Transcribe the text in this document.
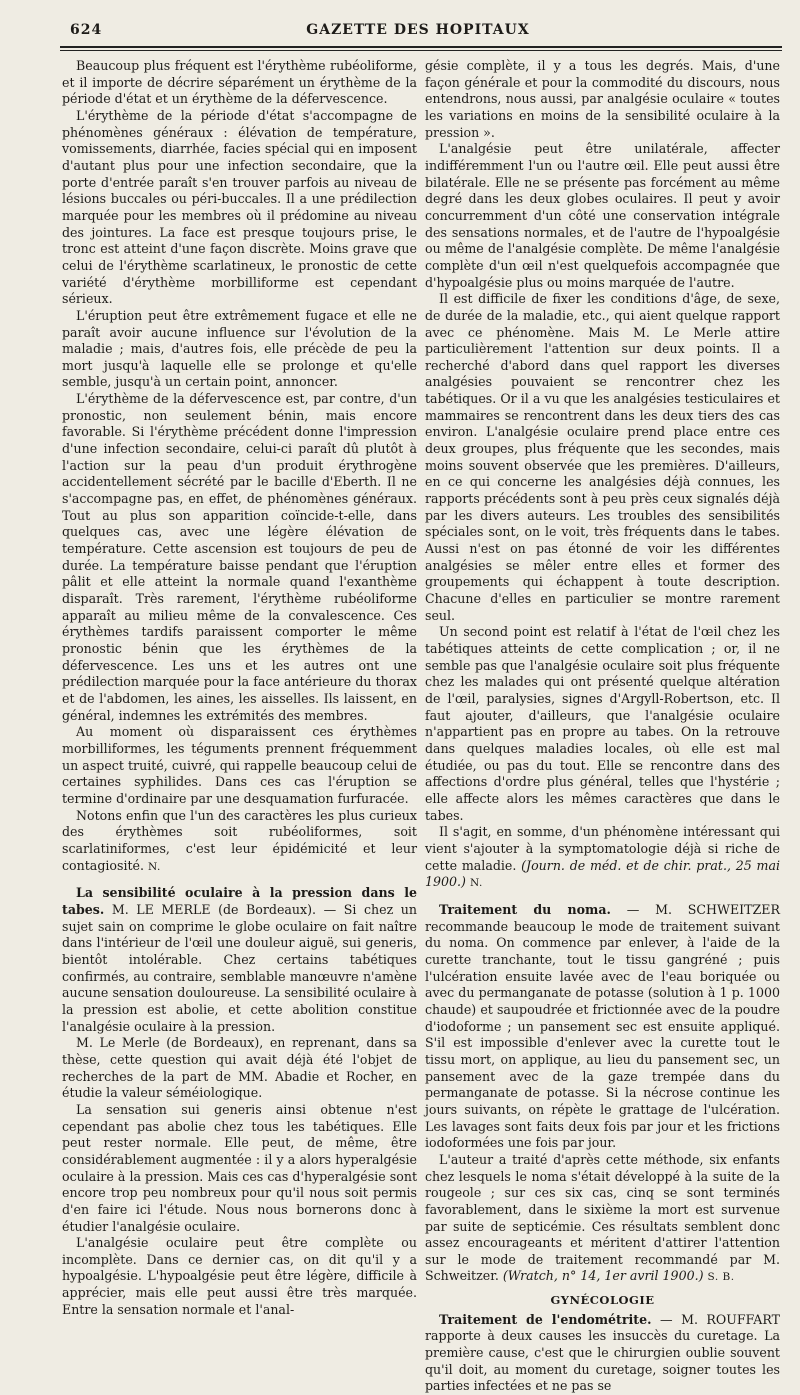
624	GAZETTE DES HOPITAUX

Beaucoup plus fréquent est l'érythème rubéoliforme, et il importe de décrire séparément un érythème de la période d'état et un érythème de la défervescence.

L'érythème de la période d'état s'accompagne de phénomènes généraux : élévation de température, vomissements, diarrhée, facies spécial qui en imposent d'autant plus pour une infection secondaire, que la porte d'entrée paraît s'en trouver parfois au niveau de lésions buccales ou péri-buccales. Il a une prédilection marquée pour les membres où il prédomine au niveau des jointures. La face est presque toujours prise, le tronc est atteint d'une façon discrète. Moins grave que celui de l'érythème scarlatineux, le pronostic de cette variété d'érythème morbilliforme est cependant sérieux.

L'éruption peut être extrêmement fugace et elle ne paraît avoir aucune influence sur l'évolution de la maladie ; mais, d'autres fois, elle précède de peu la mort jusqu'à laquelle elle se prolonge et qu'elle semble, jusqu'à un certain point, annoncer.

L'érythème de la défervescence est, par contre, d'un pronostic, non seulement bénin, mais encore favorable. Si l'érythème précédent donne l'impression d'une infection secondaire, celui-ci paraît dû plutôt à l'action sur la peau d'un produit érythrogène accidentellement sécrété par le bacille d'Eberth. Il ne s'accompagne pas, en effet, de phénomènes généraux. Tout au plus son apparition coïncide-t-elle, dans quelques cas, avec une légère élévation de température. Cette ascension est toujours de peu de durée. La température baisse pendant que l'éruption pâlit et elle atteint la normale quand l'exanthème disparaît. Très rarement, l'érythème rubéoliforme apparaît au milieu même de la convalescence. Ces érythèmes tardifs paraissent comporter le même pronostic bénin que les érythèmes de la défervescence. Les uns et les autres ont une prédilection marquée pour la face antérieure du thorax et de l'abdomen, les aines, les aisselles. Ils laissent, en général, indemnes les extrémités des membres.

Au moment où disparaissent ces érythèmes morbilliformes, les téguments prennent fréquemment un aspect truité, cuivré, qui rappelle beaucoup celui de certaines syphilides. Dans ces cas l'éruption se termine d'ordinaire par une desquamation furfuracée.

Notons enfin que l'un des caractères les plus curieux des érythèmes soit rubéoliformes, soit scarlatiniformes, c'est leur épidémicité et leur contagiosité. N.

La sensibilité oculaire à la pression dans le tabes. M. LE MERLE (de Bordeaux). — Si chez un sujet sain on comprime le globe oculaire on fait naître dans l'intérieur de l'œil une douleur aiguë, sui generis, bientôt intolérable. Chez certains tabétiques confirmés, au contraire, semblable manœuvre n'amène aucune sensation douloureuse. La sensibilité oculaire à la pression est abolie, et cette abolition constitue l'analgésie oculaire à la pression.

M. Le Merle (de Bordeaux), en reprenant, dans sa thèse, cette question qui avait déjà été l'objet de recherches de la part de MM. Abadie et Rocher, en étudie la valeur séméiologique.

La sensation sui generis ainsi obtenue n'est cependant pas abolie chez tous les tabétiques. Elle peut rester normale. Elle peut, de même, être considérablement augmentée : il y a alors hyperalgésie oculaire à la pression. Mais ces cas d'hyperalgésie sont encore trop peu nombreux pour qu'il nous soit permis d'en faire ici l'étude. Nous nous bornerons donc à étudier l'analgésie oculaire.

L'analgésie oculaire peut être complète ou incomplète. Dans ce dernier cas, on dit qu'il y a hypoalgésie. L'hypoalgésie peut être légère, difficile à apprécier, mais elle peut aussi être très marquée. Entre la sensation normale et l'anal-

gésie complète, il y a tous les degrés. Mais, d'une façon générale et pour la commodité du discours, nous entendrons, nous aussi, par analgésie oculaire « toutes les variations en moins de la sensibilité oculaire à la pression ».

L'analgésie peut être unilatérale, affecter indifféremment l'un ou l'autre œil. Elle peut aussi être bilatérale. Elle ne se présente pas forcément au même degré dans les deux globes oculaires. Il peut y avoir concurremment d'un côté une conservation intégrale des sensations normales, et de l'autre de l'hypoalgésie ou même de l'analgésie complète. De même l'analgésie complète d'un œil n'est quelquefois accompagnée que d'hypoalgésie plus ou moins marquée de l'autre.

Il est difficile de fixer les conditions d'âge, de sexe, de durée de la maladie, etc., qui aient quelque rapport avec ce phénomène. Mais M. Le Merle attire particulièrement l'attention sur deux points. Il a recherché d'abord dans quel rapport les diverses analgésies pouvaient se rencontrer chez les tabétiques. Or il a vu que les analgésies testiculaires et mammaires se rencontrent dans les deux tiers des cas environ. L'analgésie oculaire prend place entre ces deux groupes, plus fréquente que les secondes, mais moins souvent observée que les premières. D'ailleurs, en ce qui concerne les analgésies déjà connues, les rapports précédents sont à peu près ceux signalés déjà par les divers auteurs. Les troubles des sensibilités spéciales sont, on le voit, très fréquents dans le tabes. Aussi n'est on pas étonné de voir les différentes analgésies se mêler entre elles et former des groupements qui échappent à toute description. Chacune d'elles en particulier se montre rarement seul.

Un second point est relatif à l'état de l'œil chez les tabétiques atteints de cette complication ; or, il ne semble pas que l'analgésie oculaire soit plus fréquente chez les malades qui ont présenté quelque altération de l'œil, paralysies, signes d'Argyll-Robertson, etc. Il faut ajouter, d'ailleurs, que l'analgésie oculaire n'appartient pas en propre au tabes. On la retrouve dans quelques maladies locales, où elle est mal étudiée, ou pas du tout. Elle se rencontre dans des affections d'ordre plus général, telles que l'hystérie ; elle affecte alors les mêmes caractères que dans le tabes.

Il s'agit, en somme, d'un phénomène intéressant qui vient s'ajouter à la symptomatologie déjà si riche de cette maladie. (Journ. de méd. et de chir. prat., 25 mai 1900.) N.

Traitement du noma. — M. SCHWEITZER recommande beaucoup le mode de traitement suivant du noma. On commence par enlever, à l'aide de la curette tranchante, tout le tissu gangréné ; puis l'ulcération ensuite lavée avec de l'eau boriquée ou avec du permanganate de potasse (solution à 1 p. 1000 chaude) et saupoudrée et frictionnée avec de la poudre d'iodoforme ; un pansement sec est ensuite appliqué. S'il est impossible d'enlever avec la curette tout le tissu mort, on applique, au lieu du pansement sec, un pansement avec de la gaze trempée dans du permanganate de potasse. Si la nécrose continue les jours suivants, on répète le grattage de l'ulcération. Les lavages sont faits deux fois par jour et les frictions iodoformées une fois par jour.

L'auteur a traité d'après cette méthode, six enfants chez lesquels le noma s'était développé à la suite de la rougeole ; sur ces six cas, cinq se sont terminés favorablement, dans le sixième la mort est survenue par suite de septicémie. Ces résultats semblent donc assez encourageants et méritent d'attirer l'attention sur le mode de traitement recommandé par M. Schweitzer. (Wratch, n° 14, 1er avril 1900.) S. B.

GYNÉCOLOGIE

Traitement de l'endométrite. — M. ROUFFART rapporte à deux causes les insuccès du curetage. La première cause, c'est que le chirurgien oublie souvent qu'il doit, au moment du curetage, soigner toutes les parties infectées et ne pas se
